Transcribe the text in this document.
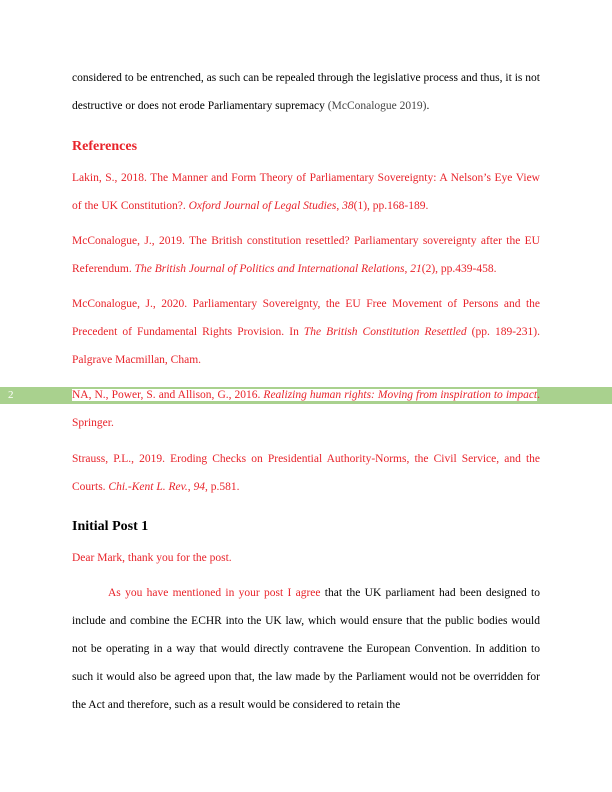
considered to be entrenched, as such can be repealed through the legislative process and thus, it is not destructive or does not erode Parliamentary supremacy (McConalogue 2019).

References

Lakin, S., 2018. The Manner and Form Theory of Parliamentary Sovereignty: A Nelson’s Eye View of the UK Constitution?. Oxford Journal of Legal Studies, 38(1), pp.168-189.

McConalogue, J., 2019. The British constitution resettled? Parliamentary sovereignty after the EU Referendum. The British Journal of Politics and International Relations, 21(2), pp.439-458.

McConalogue, J., 2020. Parliamentary Sovereignty, the EU Free Movement of Persons and the Precedent of Fundamental Rights Provision. In The British Constitution Resettled (pp. 189-231). Palgrave Macmillan, Cham.

2	NA, N., Power, S. and Allison, G., 2016. Realizing human rights: Moving from inspiration to impact. Springer.

Strauss, P.L., 2019. Eroding Checks on Presidential Authority-Norms, the Civil Service, and the Courts. Chi.-Kent L. Rev., 94, p.581.

Initial Post 1

Dear Mark, thank you for the post.

As you have mentioned in your post I agree that the UK parliament had been designed to include and combine the ECHR into the UK law, which would ensure that the public bodies would not be operating in a way that would directly contravene the European Convention. In addition to such it would also be agreed upon that, the law made by the Parliament would not be overridden for the Act and therefore, such as a result would be considered to retain the
